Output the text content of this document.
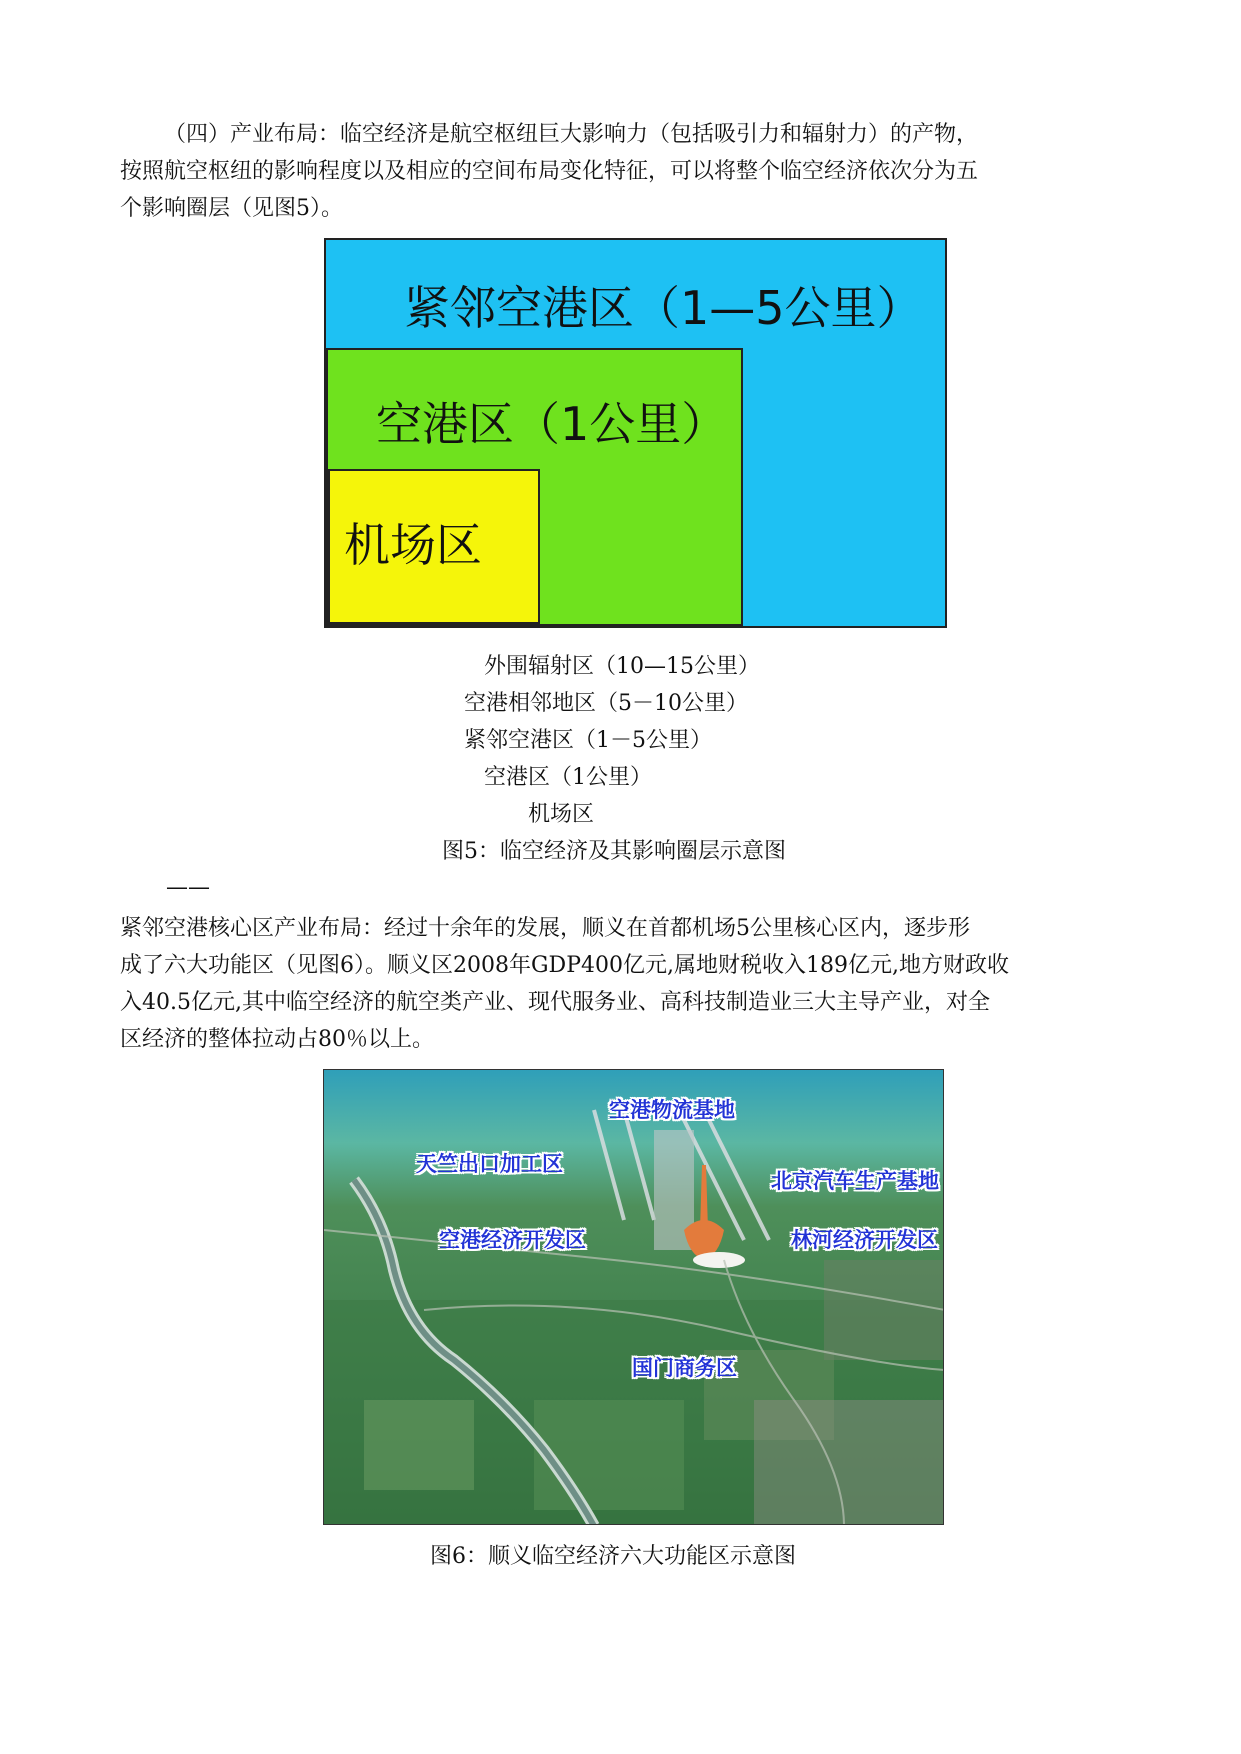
（四）产业布局：临空经济是航空枢纽巨大影响力（包括吸引力和辐射力）的产物，
按照航空枢纽的影响程度以及相应的空间布局变化特征，可以将整个临空经济依次分为五
个影响圈层（见图5）。
紧邻空港区（1—5公里）
空港区（1公里）
机场区
外围辐射区（10—15公里）
空港相邻地区（5－10公里）
紧邻空港区（1－5公里）
空港区（1公里）
机场区
图5：临空经济及其影响圈层示意图
——
紧邻空港核心区产业布局：经过十余年的发展，顺义在首都机场5公里核心区内，逐步形
成了六大功能区（见图6）。顺义区2008年GDP400亿元,属地财税收入189亿元,地方财政收
入40.5亿元,其中临空经济的航空类产业、现代服务业、高科技制造业三大主导产业，对全
区经济的整体拉动占80％以上。
空港物流基地
天竺出口加工区
北京汽车生产基地
空港经济开发区	林河经济开发区
国门商务区
图6：顺义临空经济六大功能区示意图
